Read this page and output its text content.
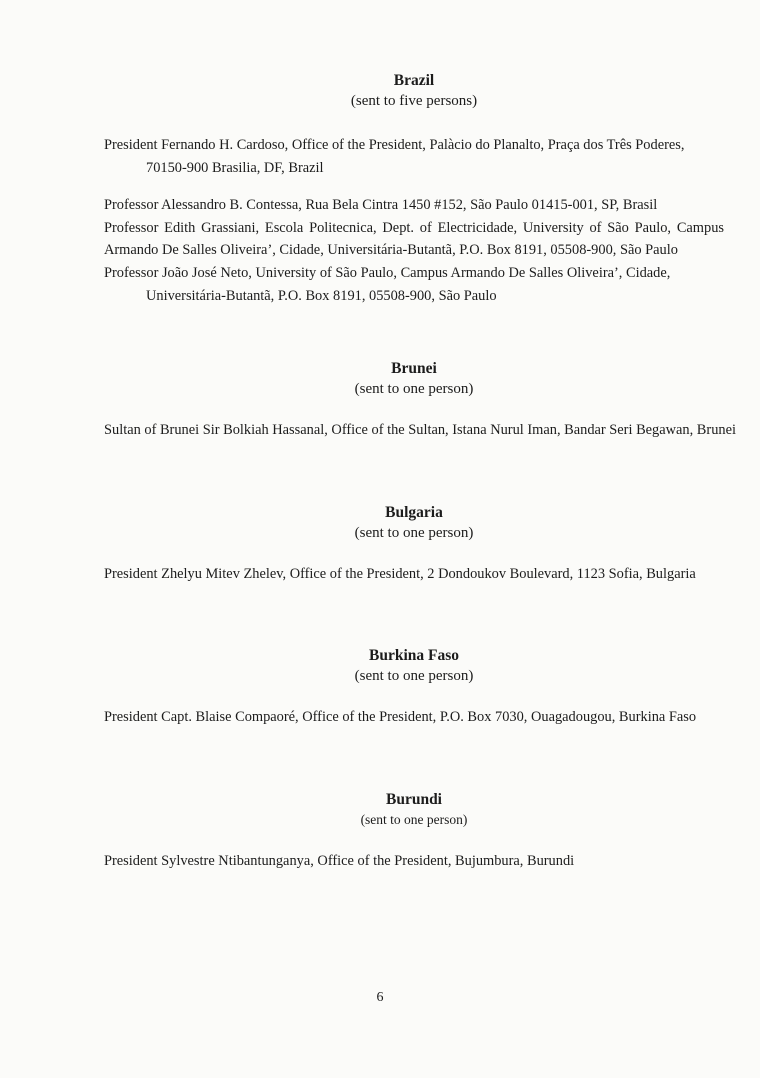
Brazil

(sent to five persons)

President Fernando H. Cardoso, Office of the President, Palàcio do Planalto, Praça dos Três Poderes, 70150-900 Brasilia, DF, Brazil

Professor Alessandro B. Contessa, Rua Bela Cintra 1450 #152, São Paulo 01415-001, SP, Brasil

Professor Edith Grassiani, Escola Politecnica, Dept. of Electricidade, University of São Paulo, Campus Armando De Salles Oliveira’, Cidade, Universitária-Butantã, P.O. Box 8191, 05508-900, São Paulo

Professor João José Neto, University of São Paulo, Campus Armando De Salles Oliveira’, Cidade, Universitária-Butantã, P.O. Box 8191, 05508-900, São Paulo

Brunei

(sent to one person)

Sultan of Brunei Sir Bolkiah Hassanal, Office of the Sultan, Istana Nurul Iman, Bandar Seri Begawan, Brunei

Bulgaria

(sent to one person)

President Zhelyu Mitev Zhelev, Office of the President, 2 Dondoukov Boulevard, 1123 Sofia, Bulgaria

Burkina Faso

(sent to one person)

President Capt. Blaise Compaoré, Office of the President, P.O. Box 7030, Ouagadougou, Burkina Faso

Burundi

(sent to one person)

President Sylvestre Ntibantunganya, Office of the President, Bujumbura, Burundi

6
